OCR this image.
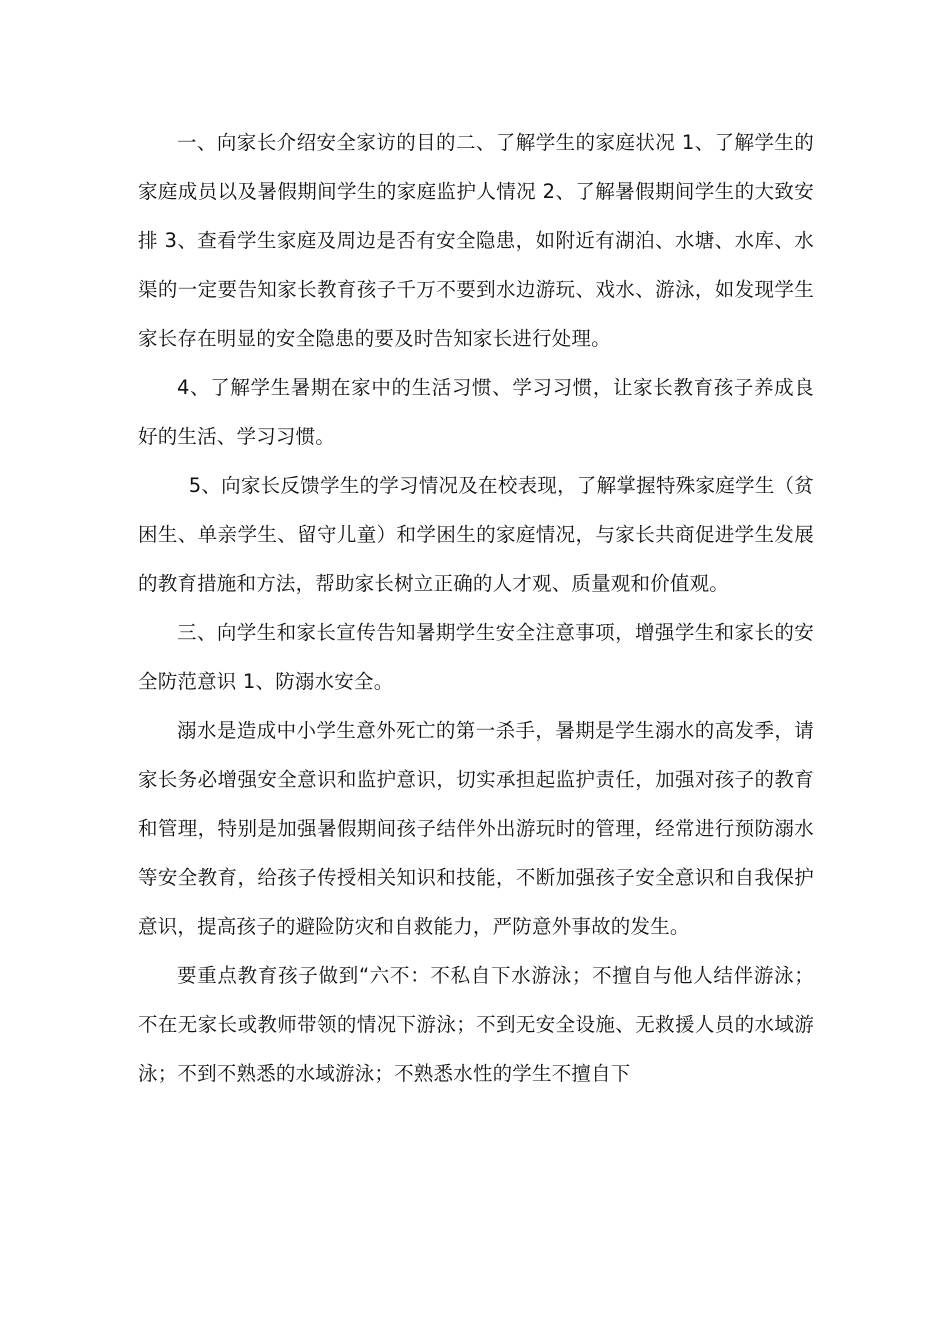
一、向家长介绍安全家访的目的二、了解学生的家庭状况 1、了解学生的家庭成员以及暑假期间学生的家庭监护人情况 2、了解暑假期间学生的大致安排 3、查看学生家庭及周边是否有安全隐患，如附近有湖泊、水塘、水库、水渠的一定要告知家长教育孩子千万不要到水边游玩、戏水、游泳，如发现学生家长存在明显的安全隐患的要及时告知家长进行处理。

4、了解学生暑期在家中的生活习惯、学习习惯，让家长教育孩子养成良好的生活、学习习惯。

5、向家长反馈学生的学习情况及在校表现，了解掌握特殊家庭学生（贫困生、单亲学生、留守儿童）和学困生的家庭情况，与家长共商促进学生发展的教育措施和方法，帮助家长树立正确的人才观、质量观和价值观。

三、向学生和家长宣传告知暑期学生安全注意事项，增强学生和家长的安全防范意识 1、防溺水安全。

溺水是造成中小学生意外死亡的第一杀手，暑期是学生溺水的高发季，请家长务必增强安全意识和监护意识，切实承担起监护责任，加强对孩子的教育和管理，特别是加强暑假期间孩子结伴外出游玩时的管理，经常进行预防溺水等安全教育，给孩子传授相关知识和技能，不断加强孩子安全意识和自我保护意识，提高孩子的避险防灾和自救能力，严防意外事故的发生。

要重点教育孩子做到“六不：不私自下水游泳；不擅自与他人结伴游泳；不在无家长或教师带领的情况下游泳；不到无安全设施、无救援人员的水域游泳；不到不熟悉的水域游泳；不熟悉水性的学生不擅自下
